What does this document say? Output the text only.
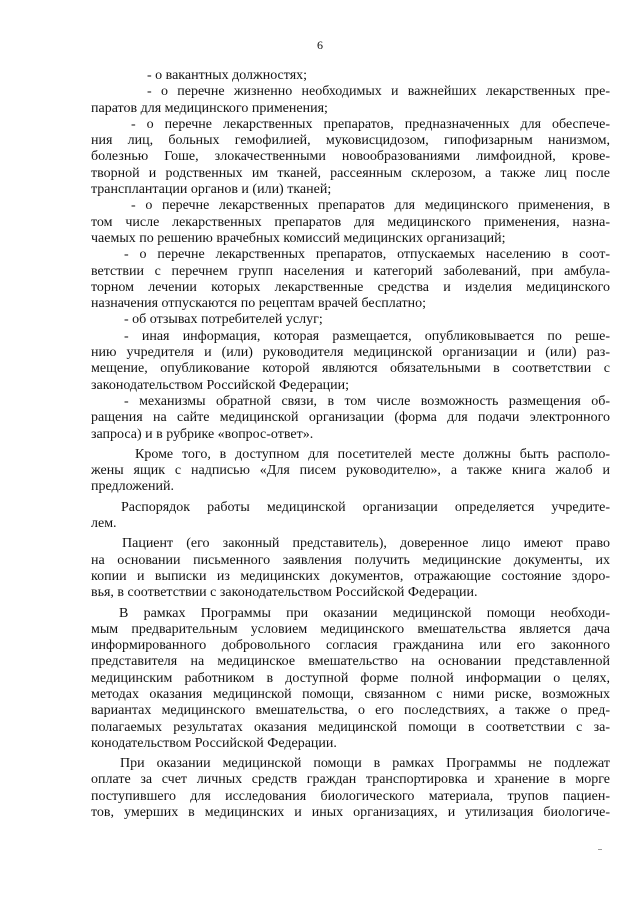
6
- о вакантных должностях;
- о перечне жизненно необходимых и важнейших лекарственных пре-
паратов для медицинского применения;
- о перечне лекарственных препаратов, предназначенных для обеспече-
ния лиц, больных гемофилией, муковисцидозом, гипофизарным нанизмом,
болезнью Гоше, злокачественными новообразованиями лимфоидной, крове-
творной и родственных им тканей, рассеянным склерозом, а также лиц после
трансплантации органов и (или) тканей;
- о перечне лекарственных препаратов для медицинского применения, в
том числе лекарственных препаратов для медицинского применения, назна-
чаемых по решению врачебных комиссий медицинских организаций;
- о перечне лекарственных препаратов, отпускаемых населению в соот-
ветствии с перечнем групп населения и категорий заболеваний, при амбула-
торном лечении которых лекарственные средства и изделия медицинского
назначения отпускаются по рецептам врачей бесплатно;
- об отзывах потребителей услуг;
- иная информация, которая размещается, опубликовывается по реше-
нию учредителя и (или) руководителя медицинской организации и (или) раз-
мещение, опубликование которой являются обязательными в соответствии с
законодательством Российской Федерации;
- механизмы обратной связи, в том числе возможность размещения об-
ращения на сайте медицинской организации (форма для подачи электронного
запроса) и в рубрике «вопрос-ответ».
Кроме того, в доступном для посетителей месте должны быть располо-
жены ящик с надписью «Для писем руководителю», а также книга жалоб и
предложений.
Распорядок работы медицинской организации определяется учредите-
лем.
Пациент (его законный представитель), доверенное лицо имеют право
на основании письменного заявления получить медицинские документы, их
копии и выписки из медицинских документов, отражающие состояние здоро-
вья, в соответствии с законодательством Российской Федерации.
В рамках Программы при оказании медицинской помощи необходи-
мым предварительным условием медицинского вмешательства является дача
информированного добровольного согласия гражданина или его законного
представителя на медицинское вмешательство на основании представленной
медицинским работником в доступной форме полной информации о целях,
методах оказания медицинской помощи, связанном с ними риске, возможных
вариантах медицинского вмешательства, о его последствиях, а также о пред-
полагаемых результатах оказания медицинской помощи в соответствии с за-
конодательством Российской Федерации.
При оказании медицинской помощи в рамках Программы не подлежат
оплате за счет личных средств граждан транспортировка и хранение в морге
поступившего для исследования биологического материала, трупов пациен-
тов, умерших в медицинских и иных организациях, и утилизация биологиче-
